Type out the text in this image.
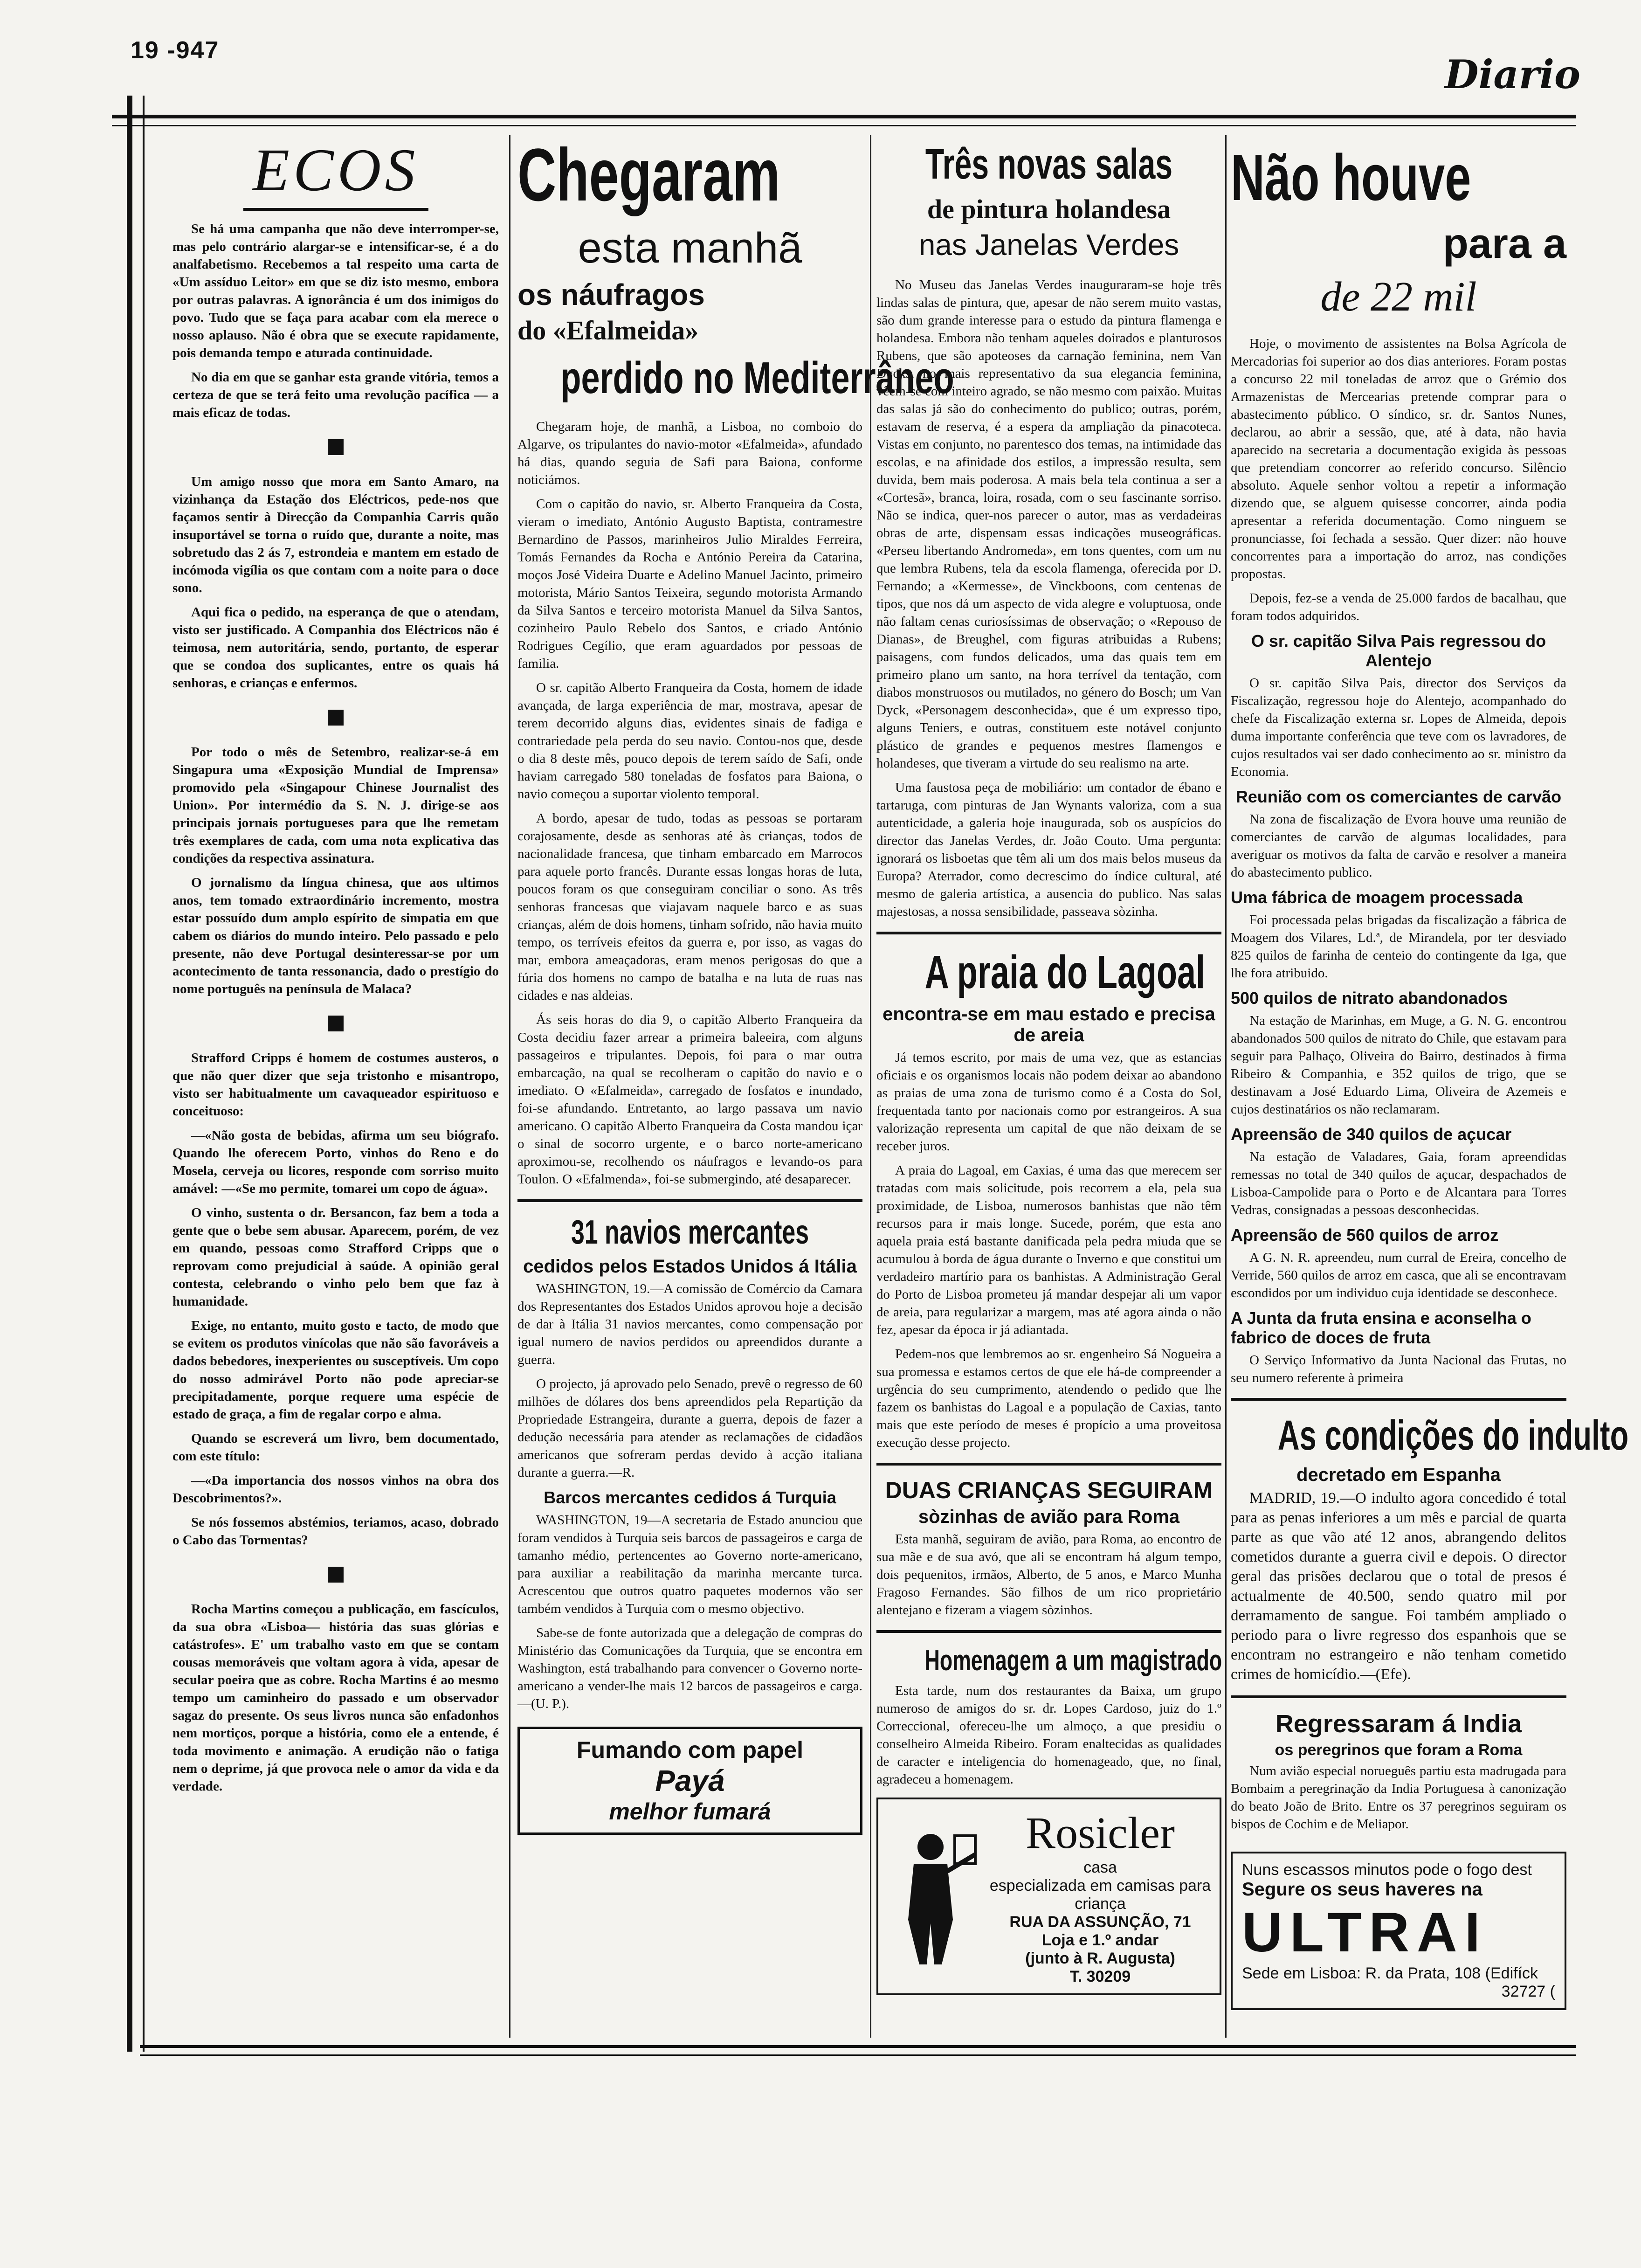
19 -947
Diario
ECOS

Se há uma campanha que não deve interromper-se, mas pelo contrário alargar-se e intensificar-se, é a do analfabetismo. Recebemos a tal respeito uma carta de «Um assíduo Leitor» em que se diz isto mesmo, embora por outras palavras. A ignorância é um dos inimigos do povo. Tudo que se faça para acabar com ela merece o nosso aplauso. Não é obra que se execute rapidamente, pois demanda tempo e aturada continuidade.

No dia em que se ganhar esta grande vitória, temos a certeza de que se terá feito uma revolução pacífica — a mais eficaz de todas.

Um amigo nosso que mora em Santo Amaro, na vizinhança da Estação dos Eléctricos, pede-nos que façamos sentir à Direcção da Companhia Carris quão insuportável se torna o ruído que, durante a noite, mas sobretudo das 2 ás 7, estrondeia e mantem em estado de incómoda vigília os que contam com a noite para o doce sono.

Aqui fica o pedido, na esperança de que o atendam, visto ser justificado. A Companhia dos Eléctricos não é teimosa, nem autoritária, sendo, portanto, de esperar que se condoa dos suplicantes, entre os quais há senhoras, e crianças e enfermos.

Por todo o mês de Setembro, realizar-se-á em Singapura uma «Exposição Mundial de Imprensa» promovido pela «Singapour Chinese Journalist des Union». Por intermédio da S. N. J. dirige-se aos principais jornais portugueses para que lhe remetam três exemplares de cada, com uma nota explicativa das condições da respectiva assinatura.

O jornalismo da língua chinesa, que aos ultimos anos, tem tomado extraordinário incremento, mostra estar possuído dum amplo espírito de simpatia em que cabem os diários do mundo inteiro. Pelo passado e pelo presente, não deve Portugal desinteressar-se por um acontecimento de tanta ressonancia, dado o prestígio do nome português na península de Malaca?

Strafford Cripps é homem de costumes austeros, o que não quer dizer que seja tristonho e misantropo, visto ser habitualmente um cavaqueador espirituoso e conceituoso:

—«Não gosta de bebidas, afirma um seu biógrafo. Quando lhe oferecem Porto, vinhos do Reno e do Mosela, cerveja ou licores, responde com sorriso muito amável: —«Se mo permite, tomarei um copo de água».

O vinho, sustenta o dr. Bersancon, faz bem a toda a gente que o bebe sem abusar. Aparecem, porém, de vez em quando, pessoas como Strafford Cripps que o reprovam como prejudicial à saúde. A opinião geral contesta, celebrando o vinho pelo bem que faz à humanidade.

Exige, no entanto, muito gosto e tacto, de modo que se evitem os produtos vinícolas que não são favoráveis a dados bebedores, inexperientes ou susceptíveis. Um copo do nosso admirável Porto não pode apreciar-se precipitadamente, porque requere uma espécie de estado de graça, a fim de regalar corpo e alma.

Quando se escreverá um livro, bem documentado, com este título:

—«Da importancia dos nossos vinhos na obra dos Descobrimentos?».

Se nós fossemos abstémios, teriamos, acaso, dobrado o Cabo das Tormentas?

Rocha Martins começou a publicação, em fascículos, da sua obra «Lisboa— história das suas glórias e catástrofes». E' um trabalho vasto em que se contam cousas memoráveis que voltam agora à vida, apesar de secular poeira que as cobre. Rocha Martins é ao mesmo tempo um caminheiro do passado e um observador sagaz do presente. Os seus livros nunca são enfadonhos nem mortiços, porque a história, como ele a entende, é toda movimento e animação. A erudição não o fatiga nem o deprime, já que provoca nele o amor da vida e da verdade.

Chegaram
esta manhã
os náufragos
do «Efalmeida»
perdido no Mediterrâneo

Chegaram hoje, de manhã, a Lisboa, no comboio do Algarve, os tripulantes do navio-motor «Efalmeida», afundado há dias, quando seguia de Safi para Baiona, conforme noticiámos.

Com o capitão do navio, sr. Alberto Franqueira da Costa, vieram o imediato, António Augusto Baptista, contramestre Bernardino de Passos, marinheiros Julio Miraldes Ferreira, Tomás Fernandes da Rocha e António Pereira da Catarina, moços José Videira Duarte e Adelino Manuel Jacinto, primeiro motorista, Mário Santos Teixeira, segundo motorista Armando da Silva Santos e terceiro motorista Manuel da Silva Santos, cozinheiro Paulo Rebelo dos Santos, e criado António Rodrigues Cegílio, que eram aguardados por pessoas de familia.

O sr. capitão Alberto Franqueira da Costa, homem de idade avançada, de larga experiência de mar, mostrava, apesar de terem decorrido alguns dias, evidentes sinais de fadiga e contrariedade pela perda do seu navio. Contou-nos que, desde o dia 8 deste mês, pouco depois de terem saído de Safi, onde haviam carregado 580 toneladas de fosfatos para Baiona, o navio começou a suportar violento temporal.

A bordo, apesar de tudo, todas as pessoas se portaram corajosamente, desde as senhoras até às crianças, todos de nacionalidade francesa, que tinham embarcado em Marrocos para aquele porto francês. Durante essas longas horas de luta, poucos foram os que conseguiram conciliar o sono. As três senhoras francesas que viajavam naquele barco e as suas crianças, além de dois homens, tinham sofrido, não havia muito tempo, os terríveis efeitos da guerra e, por isso, as vagas do mar, embora ameaçadoras, eram menos perigosas do que a fúria dos homens no campo de batalha e na luta de ruas nas cidades e nas aldeias.

Ás seis horas do dia 9, o capitão Alberto Franqueira da Costa decidiu fazer arrear a primeira baleeira, com alguns passageiros e tripulantes. Depois, foi para o mar outra embarcação, na qual se recolheram o capitão do navio e o imediato. O «Efalmeida», carregado de fosfatos e inundado, foi-se afundando. Entretanto, ao largo passava um navio americano. O capitão Alberto Franqueira da Costa mandou içar o sinal de socorro urgente, e o barco norte-americano aproximou-se, recolhendo os náufragos e levando-os para Toulon. O «Efalmenda», foi-se submergindo, até desaparecer.

31 navios mercantes
cedidos pelos Estados Unidos á Itália

WASHINGTON, 19.—A comissão de Comércio da Camara dos Representantes dos Estados Unidos aprovou hoje a decisão de dar à Itália 31 navios mercantes, como compensação por igual numero de navios perdidos ou apreendidos durante a guerra.

O projecto, já aprovado pelo Senado, prevê o regresso de 60 milhões de dólares dos bens apreendidos pela Repartição da Propriedade Estrangeira, durante a guerra, depois de fazer a dedução necessária para atender as reclamações de cidadãos americanos que sofreram perdas devido à acção italiana durante a guerra.—R.

Barcos mercantes cedidos á Turquia

WASHINGTON, 19—A secretaria de Estado anunciou que foram vendidos à Turquia seis barcos de passageiros e carga de tamanho médio, pertencentes ao Governo norte-americano, para auxiliar a reabilitação da marinha mercante turca. Acrescentou que outros quatro paquetes modernos vão ser também vendidos à Turquia com o mesmo objectivo.

Sabe-se de fonte autorizada que a delegação de compras do Ministério das Comunicações da Turquia, que se encontra em Washington, está trabalhando para convencer o Governo norte-americano a vender-lhe mais 12 barcos de passageiros e carga.—(U. P.).

Fumando com papel
Payá
melhor fumará
Três novas salas
de pintura holandesa
nas Janelas Verdes

No Museu das Janelas Verdes inauguraram-se hoje três lindas salas de pintura, que, apesar de não serem muito vastas, são dum grande interesse para o estudo da pintura flamenga e holandesa. Embora não tenham aqueles doirados e planturosos Rubens, que são apoteoses da carnação feminina, nem Van Dycks, no mais representativo da sua elegancia feminina, vêem-se com inteiro agrado, se não mesmo com paixão. Muitas das salas já são do conhecimento do publico; outras, porém, estavam de reserva, é a espera da ampliação da pinacoteca. Vistas em conjunto, no parentesco dos temas, na intimidade das escolas, e na afinidade dos estilos, a impressão resulta, sem duvida, bem mais poderosa. A mais bela tela continua a ser a «Cortesã», branca, loira, rosada, com o seu fascinante sorriso. Não se indica, quer-nos parecer o autor, mas as verdadeiras obras de arte, dispensam essas indicações museográficas. «Perseu libertando Andromeda», em tons quentes, com um nu que lembra Rubens, tela da escola flamenga, oferecida por D. Fernando; a «Kermesse», de Vinckboons, com centenas de tipos, que nos dá um aspecto de vida alegre e voluptuosa, onde não faltam cenas curiosíssimas de observação; o «Repouso de Dianas», de Breughel, com figuras atribuidas a Rubens; paisagens, com fundos delicados, uma das quais tem em primeiro plano um santo, na hora terrível da tentação, com diabos monstruosos ou mutilados, no género do Bosch; um Van Dyck, «Personagem desconhecida», que é um expresso tipo, alguns Teniers, e outras, constituem este notável conjunto plástico de grandes e pequenos mestres flamengos e holandeses, que tiveram a virtude do seu realismo na arte.

Uma faustosa peça de mobiliário: um contador de ébano e tartaruga, com pinturas de Jan Wynants valoriza, com a sua autenticidade, a galeria hoje inaugurada, sob os auspícios do director das Janelas Verdes, dr. João Couto. Uma pergunta: ignorará os lisboetas que têm ali um dos mais belos museus da Europa? Aterrador, como decrescimo do índice cultural, até mesmo de galeria artística, a ausencia do publico. Nas salas majestosas, a nossa sensibilidade, passeava sòzinha.

A praia do Lagoal
encontra-se em mau estado e precisa de areia

Já temos escrito, por mais de uma vez, que as estancias oficiais e os organismos locais não podem deixar ao abandono as praias de uma zona de turismo como é a Costa do Sol, frequentada tanto por nacionais como por estrangeiros. A sua valorização representa um capital de que não deixam de se receber juros.

A praia do Lagoal, em Caxias, é uma das que merecem ser tratadas com mais solicitude, pois recorrem a ela, pela sua proximidade, de Lisboa, numerosos banhistas que não têm recursos para ir mais longe. Sucede, porém, que esta ano aquela praia está bastante danificada pela pedra miuda que se acumulou à borda de água durante o Inverno e que constitui um verdadeiro martírio para os banhistas. A Administração Geral do Porto de Lisboa prometeu já mandar despejar ali um vapor de areia, para regularizar a margem, mas até agora ainda o não fez, apesar da época ir já adiantada.

Pedem-nos que lembremos ao sr. engenheiro Sá Nogueira a sua promessa e estamos certos de que ele há-de compreender a urgência do seu cumprimento, atendendo o pedido que lhe fazem os banhistas do Lagoal e a população de Caxias, tanto mais que este período de meses é propício a uma proveitosa execução desse projecto.

DUAS CRIANÇAS SEGUIRAM
sòzinhas de avião para Roma

Esta manhã, seguiram de avião, para Roma, ao encontro de sua mãe e de sua avó, que ali se encontram há algum tempo, dois pequenitos, irmãos, Alberto, de 5 anos, e Marco Munha Fragoso Fernandes. São filhos de um rico proprietário alentejano e fizeram a viagem sòzinhos.

Homenagem a um magistrado

Esta tarde, num dos restaurantes da Baixa, um grupo numeroso de amigos do sr. dr. Lopes Cardoso, juiz do 1.º Correccional, ofereceu-lhe um almoço, a que presidiu o conselheiro Almeida Ribeiro. Foram enaltecidas as qualidades de caracter e inteligencia do homenageado, que, no final, agradeceu a homenagem.

Rosicler
casa
especializada em camisas para criança
RUA DA ASSUNÇÃO, 71
Loja e 1.º andar
(junto à R. Augusta)
T. 30209
Não houve
para a
de 22 mil

Hoje, o movimento de assistentes na Bolsa Agrícola de Mercadorias foi superior ao dos dias anteriores. Foram postas a concurso 22 mil toneladas de arroz que o Grémio dos Armazenistas de Mercearias pretende comprar para o abastecimento público. O síndico, sr. dr. Santos Nunes, declarou, ao abrir a sessão, que, até à data, não havia aparecido na secretaria a documentação exigida às pessoas que pretendiam concorrer ao referido concurso. Silêncio absoluto. Aquele senhor voltou a repetir a informação dizendo que, se alguem quisesse concorrer, ainda podia apresentar a referida documentação. Como ninguem se pronunciasse, foi fechada a sessão. Quer dizer: não houve concorrentes para a importação do arroz, nas condições propostas.

Depois, fez-se a venda de 25.000 fardos de bacalhau, que foram todos adquiridos.

O sr. capitão Silva Pais regressou do Alentejo

O sr. capitão Silva Pais, director dos Serviços da Fiscalização, regressou hoje do Alentejo, acompanhado do chefe da Fiscalização externa sr. Lopes de Almeida, depois duma importante conferência que teve com os lavradores, de cujos resultados vai ser dado conhecimento ao sr. ministro da Economia.

Reunião com os comerciantes de carvão

Na zona de fiscalização de Evora houve uma reunião de comerciantes de carvão de algumas localidades, para averiguar os motivos da falta de carvão e resolver a maneira do abastecimento publico.

Uma fábrica de moagem processada

Foi processada pelas brigadas da fiscalização a fábrica de Moagem dos Vilares, Ld.ª, de Mirandela, por ter desviado 825 quilos de farinha de centeio do contingente da Iga, que lhe fora atribuido.

500 quilos de nitrato abandonados

Na estação de Marinhas, em Muge, a G. N. G. encontrou abandonados 500 quilos de nitrato do Chile, que estavam para seguir para Palhaço, Oliveira do Bairro, destinados à firma Ribeiro & Companhia, e 352 quilos de trigo, que se destinavam a José Eduardo Lima, Oliveira de Azemeis e cujos destinatários os não reclamaram.

Apreensão de 340 quilos de açucar

Na estação de Valadares, Gaia, foram apreendidas remessas no total de 340 quilos de açucar, despachados de Lisboa-Campolide para o Porto e de Alcantara para Torres Vedras, consignadas a pessoas desconhecidas.

Apreensão de 560 quilos de arroz

A G. N. R. apreendeu, num curral de Ereira, concelho de Verride, 560 quilos de arroz em casca, que ali se encontravam escondidos por um individuo cuja identidade se desconhece.

A Junta da fruta ensina e aconselha o fabrico de doces de fruta

O Serviço Informativo da Junta Nacional das Frutas, no seu numero referente à primeira

As condições do indulto
decretado em Espanha

MADRID, 19.—O indulto agora concedido é total para as penas inferiores a um mês e parcial de quarta parte as que vão até 12 anos, abrangendo delitos cometidos durante a guerra civil e depois. O director geral das prisões declarou que o total de presos é actualmente de 40.500, sendo quatro mil por derramamento de sangue. Foi também ampliado o periodo para o livre regresso dos espanhois que se encontram no estrangeiro e não tenham cometido crimes de homicídio.—(Efe).

Regressaram á India
os peregrinos que foram a Roma

Num avião especial norueguês partiu esta madrugada para Bombaim a peregrinação da India Portuguesa à canonização do beato João de Brito. Entre os 37 peregrinos seguiram os bispos de Cochim e de Meliapor.

Nuns escassos minutos pode o fogo dest
Segure os seus haveres na
ULTRAI
Sede em Lisboa: R. da Prata, 108 (Edifíck
32727 (
